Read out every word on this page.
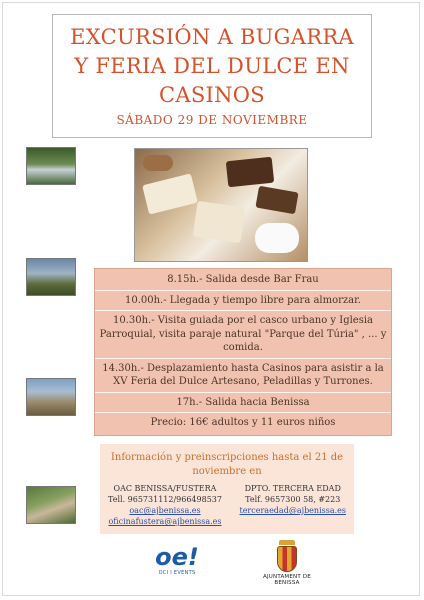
EXCURSIÓN A BUGARRA
Y FERIA DEL DULCE EN
CASINOS
SÁBADO 29 DE NOVIEMBRE
8.15h.- Salida desde Bar Frau
10.00h.- Llegada y tiempo libre para almorzar.
10.30h.- Visita guiada por el casco urbano y Iglesia
Parroquial, visita paraje natural "Parque del Túria" , ... y
comida.
14.30h.- Desplazamiento hasta Casinos para asistir a la
XV Feria del Dulce Artesano, Peladillas y Turrones.
17h.- Salida hacia Benissa
Precio: 16€ adultos y 11 euros niños
Información y preinscripciones hasta el 21 de
noviembre en
OAC BENISSA/FUSTERA
Tell. 965731112/966498537
oac@ajbenissa.es
oficinafustera@ajbenissa.es
DPTO. TERCERA EDAD
Telf. 9657300 58, #223
terceraedad@ajbenissa.es
oe!
OCI I EVENTS
AJUNTAMENT DE BENISSA
